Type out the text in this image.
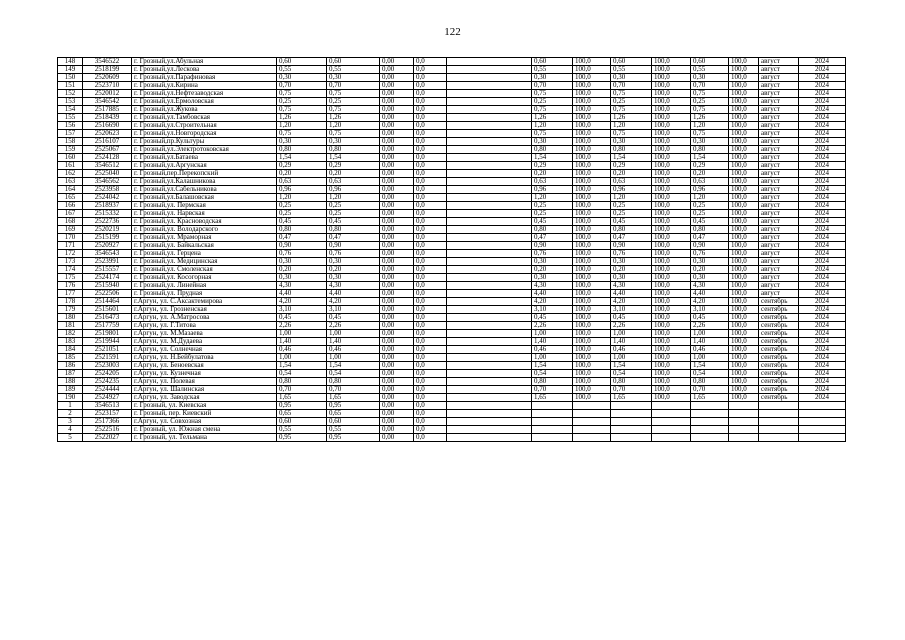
122
148	3546522	г. Грозный,ул.Абульная	0,60	0,60	0,00	0,0		0,60	100,0	0,60	100,0	0,60	100,0	август	2024
149	2518199	г. Грозный,ул.Лескова	0,55	0,55	0,00	0,0		0,55	100,0	0,55	100,0	0,55	100,0	август	2024
150	2520609	г. Грозный,ул.Парафиновая	0,30	0,30	0,00	0,0		0,30	100,0	0,30	100,0	0,30	100,0	август	2024
151	2523710	г. Грозный,ул.Кирина	0,70	0,70	0,00	0,0		0,70	100,0	0,70	100,0	0,70	100,0	август	2024
152	2520012	г. Грозный,ул.Нефтезаводская	0,75	0,75	0,00	0,0		0,75	100,0	0,75	100,0	0,75	100,0	август	2024
153	3546542	г. Грозный,ул.Ермоловская	0,25	0,25	0,00	0,0		0,25	100,0	0,25	100,0	0,25	100,0	август	2024
154	2517885	г. Грозный,ул.Жукова	0,75	0,75	0,00	0,0		0,75	100,0	0,75	100,0	0,75	100,0	август	2024
155	2518439	г. Грозный,ул.Тамбовская	1,26	1,26	0,00	0,0		1,26	100,0	1,26	100,0	1,26	100,0	август	2024
156	2516690	г. Грозный,ул.Строительная	1,20	1,20	0,00	0,0		1,20	100,0	1,20	100,0	1,20	100,0	август	2024
157	2520623	г. Грозный,ул.Новгородская	0,75	0,75	0,00	0,0		0,75	100,0	0,75	100,0	0,75	100,0	август	2024
158	2516107	г. Грозный,пр.Культуры	0,30	0,30	0,00	0,0		0,30	100,0	0,30	100,0	0,30	100,0	август	2024
159	2525067	г. Грозный,ул.Электротоковская	0,80	0,80	0,00	0,0		0,80	100,0	0,80	100,0	0,80	100,0	август	2024
160	2524128	г. Грозный,ул.Батаева	1,54	1,54	0,00	0,0		1,54	100,0	1,54	100,0	1,54	100,0	август	2024
161	3546512	г. Грозный,ул.Аргунская	0,29	0,29	0,00	0,0		0,29	100,0	0,29	100,0	0,29	100,0	август	2024
162	2525040	г. Грозный,пер.Перекопский	0,20	0,20	0,00	0,0		0,20	100,0	0,20	100,0	0,20	100,0	август	2024
163	3546562	г. Грозный,ул.Калашникова	0,63	0,63	0,00	0,0		0,63	100,0	0,63	100,0	0,63	100,0	август	2024
164	2523958	г. Грозный,ул.Сабельникова	0,96	0,96	0,00	0,0		0,96	100,0	0,96	100,0	0,96	100,0	август	2024
165	2524042	г. Грозный,ул.Балашовская	1,20	1,20	0,00	0,0		1,20	100,0	1,20	100,0	1,20	100,0	август	2024
166	2518937	г. Грозный,ул. Пермская	0,25	0,25	0,00	0,0		0,25	100,0	0,25	100,0	0,25	100,0	август	2024
167	2515332	г. Грозный,ул. Нарвская	0,25	0,25	0,00	0,0		0,25	100,0	0,25	100,0	0,25	100,0	август	2024
168	2522736	г. Грозный,ул. Красноводская	0,45	0,45	0,00	0,0		0,45	100,0	0,45	100,0	0,45	100,0	август	2024
169	2520219	г. Грозный,ул. Володарского	0,80	0,80	0,00	0,0		0,80	100,0	0,80	100,0	0,80	100,0	август	2024
170	2515199	г. Грозный,ул. Мраморная	0,47	0,47	0,00	0,0		0,47	100,0	0,47	100,0	0,47	100,0	август	2024
171	2520927	г. Грозный,ул. Байкальская	0,90	0,90	0,00	0,0		0,90	100,0	0,90	100,0	0,90	100,0	август	2024
172	3546543	г. Грозный,ул. Герцена	0,76	0,76	0,00	0,0		0,76	100,0	0,76	100,0	0,76	100,0	август	2024
173	2523991	г. Грозный,ул. Медицинская	0,30	0,30	0,00	0,0		0,30	100,0	0,30	100,0	0,30	100,0	август	2024
174	2515557	г. Грозный,ул. Смоленская	0,20	0,20	0,00	0,0		0,20	100,0	0,20	100,0	0,20	100,0	август	2024
175	2524174	г. Грозный,ул. Косогорная	0,30	0,30	0,00	0,0		0,30	100,0	0,30	100,0	0,30	100,0	август	2024
176	2515940	г. Грозный,ул. Линейная	4,30	4,30	0,00	0,0		4,30	100,0	4,30	100,0	4,30	100,0	август	2024
177	2522506	г. Грозный,ул. Прудная	4,40	4,40	0,00	0,0		4,40	100,0	4,40	100,0	4,40	100,0	август	2024
178	2514464	г.Аргун, ул. С.Аксактемирова	4,20	4,20	0,00	0,0		4,20	100,0	4,20	100,0	4,20	100,0	сентябрь	2024
179	2515601	г.Аргун, ул. Грозненская	3,10	3,10	0,00	0,0		3,10	100,0	3,10	100,0	3,10	100,0	сентябрь	2024
180	2516473	г.Аргун, ул. А.Матросова	0,45	0,45	0,00	0,0		0,45	100,0	0,45	100,0	0,45	100,0	сентябрь	2024
181	2517759	г.Аргун, ул. Г.Титова	2,26	2,26	0,00	0,0		2,26	100,0	2,26	100,0	2,26	100,0	сентябрь	2024
182	2519801	г.Аргун, ул. М.Мазаева	1,00	1,00	0,00	0,0		1,00	100,0	1,00	100,0	1,00	100,0	сентябрь	2024
183	2519944	г.Аргун, ул. М.Дудаева	1,40	1,40	0,00	0,0		1,40	100,0	1,40	100,0	1,40	100,0	сентябрь	2024
184	2521051	г.Аргун, ул. Солнечная	0,46	0,46	0,00	0,0		0,46	100,0	0,46	100,0	0,46	100,0	сентябрь	2024
185	2521591	г.Аргун, ул. Н.Бейбулатова	1,00	1,00	0,00	0,0		1,00	100,0	1,00	100,0	1,00	100,0	сентябрь	2024
186	2523003	г.Аргун, ул. Беноевская	1,54	1,54	0,00	0,0		1,54	100,0	1,54	100,0	1,54	100,0	сентябрь	2024
187	2524205	г.Аргун, ул. Кузнечная	0,54	0,54	0,00	0,0		0,54	100,0	0,54	100,0	0,54	100,0	сентябрь	2024
188	2524235	г.Аргун, ул. Полевая	0,80	0,80	0,00	0,0		0,80	100,0	0,80	100,0	0,80	100,0	сентябрь	2024
189	2524444	г.Аргун, ул. Шалинская	0,70	0,70	0,00	0,0		0,70	100,0	0,70	100,0	0,70	100,0	сентябрь	2024
190	2524927	г.Аргун, ул. Заводская	1,65	1,65	0,00	0,0		1,65	100,0	1,65	100,0	1,65	100,0	сентябрь	2024
1	3546513	г. Грозный, ул. Киевская	0,95	0,95	0,00	0,0									
2	2523157	г. Грозный, пер. Киевский	0,65	0,65	0,00	0,0									
3	2517366	г.Аргун, ул. Совхозная	0,60	0,60	0,00	0,0									
4	2522516	г. Грозный, ул. Южная смена	0,55	0,55	0,00	0,0									
5	2522027	г. Грозный, ул. Тельмана	0,95	0,95	0,00	0,0									
